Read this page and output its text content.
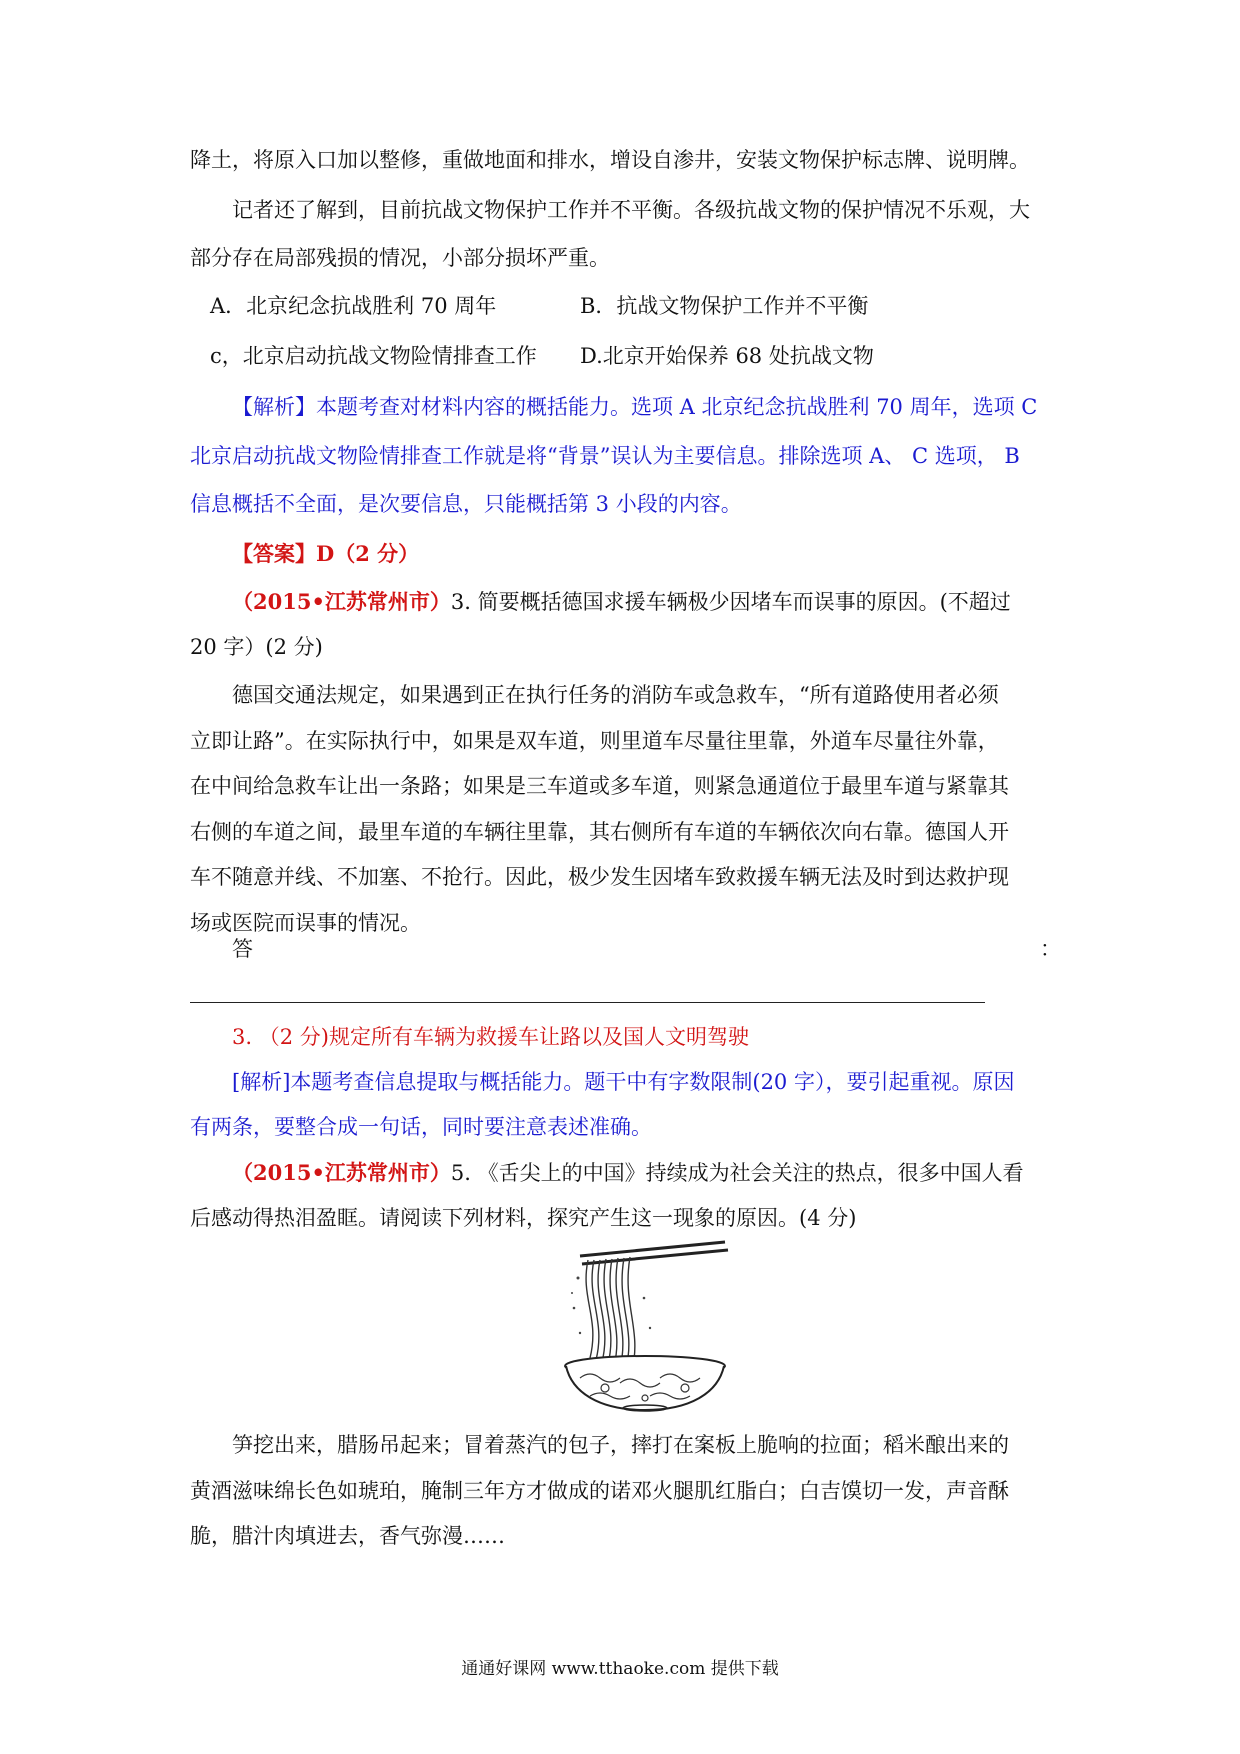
降土，将原入口加以整修，重做地面和排水，增设自渗井，安装文物保护标志牌、说明牌。
记者还了解到，目前抗战文物保护工作并不平衡。各级抗战文物的保护情况不乐观，大
部分存在局部残损的情况，小部分损坏严重。
A．北京纪念抗战胜利 70 周年	B．抗战文物保护工作并不平衡
c，北京启动抗战文物险情排查工作 D.北京开始保养 68 处抗战文物
【解析】本题考查对材料内容的概括能力。选项 A 北京纪念抗战胜利 70 周年，选项 C
北京启动抗战文物险情排查工作就是将“背景”误认为主要信息。排除选项 A、 C 选项， B
信息概括不全面，是次要信息，只能概括第 3 小段的内容。
【答案】D（2 分）
（2015•江苏常州市）3. 简要概括德国求援车辆极少因堵车而误事的原因。(不超过
20 字）(2 分)
德国交通法规定，如果遇到正在执行任务的消防车或急救车，“所有道路使用者必须
立即让路”。在实际执行中，如果是双车道，则里道车尽量往里靠，外道车尽量往外靠，
在中间给急救车让出一条路；如果是三车道或多车道，则紧急通道位于最里车道与紧靠其
右侧的车道之间，最里车道的车辆往里靠，其右侧所有车道的车辆依次向右靠。德国人开
车不随意并线、不加塞、不抢行。因此，极少发生因堵车致救援车辆无法及时到达救护现
场或医院而误事的情况。
答	：
3. （2 分)规定所有车辆为救援车让路以及国人文明驾驶
[解析]本题考查信息提取与概括能力。题干中有字数限制(20 字），要引起重视。原因
有两条，要整合成一句话，同时要注意表述准确。
（2015•江苏常州市）5. 《舌尖上的中国》持续成为社会关注的热点，很多中国人看
后感动得热泪盈眶。请阅读下列材料，探究产生这一现象的原因。(4 分)
笋挖出来，腊肠吊起来；冒着蒸汽的包子，摔打在案板上脆响的拉面；稻米酿出来的
黄酒滋味绵长色如琥珀，腌制三年方才做成的诺邓火腿肌红脂白；白吉馍切一发，声音酥
脆，腊汁肉填进去，香气弥漫……
通通好课网 www.tthaoke.com 提供下载
